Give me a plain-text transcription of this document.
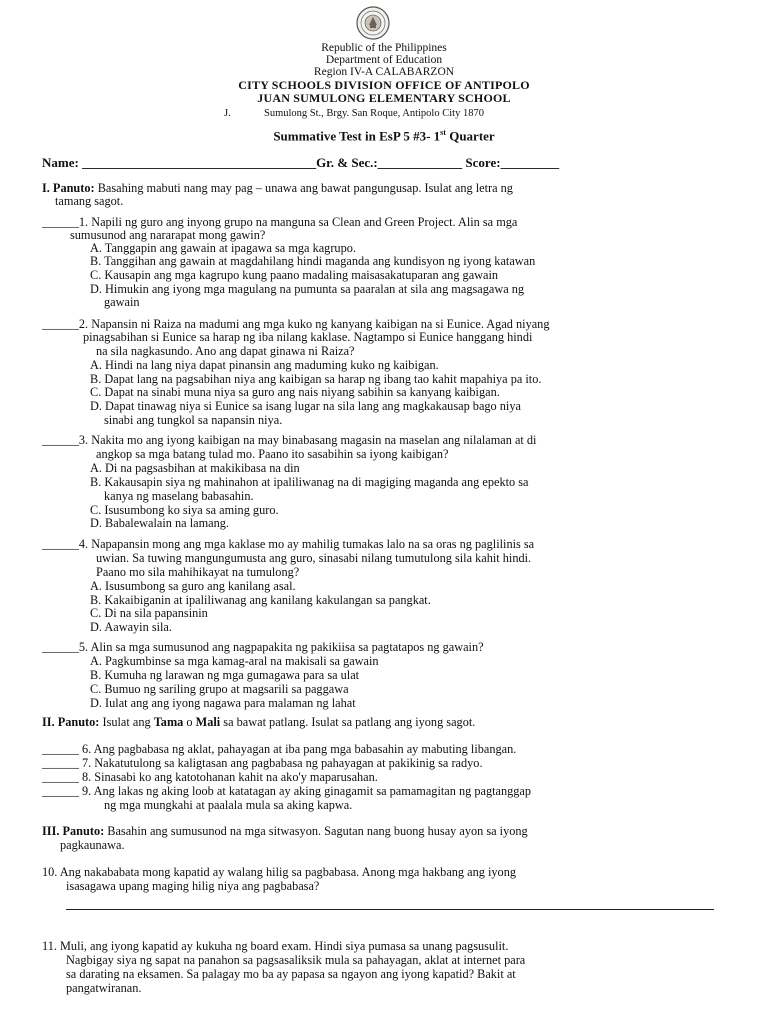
Republic of the Philippines
Department of Education
Region IV-A CALABARZON
CITY SCHOOLS DIVISION OFFICE OF ANTIPOLO
JUAN SUMULONG ELEMENTARY SCHOOL
J.	Sumulong St., Brgy. San Roque, Antipolo City 1870
Summative Test in EsP 5 #3- 1st Quarter
Name: ____________________________________Gr. & Sec.:_____________ Score:_________
I. Panuto: Basahing mabuti nang may pag – unawa ang bawat pangungusap. Isulat ang letra ng
tamang sagot.
______1. Napili ng guro ang inyong grupo na manguna sa Clean and Green Project. Alin sa mga
sumusunod ang nararapat mong gawin?
A. Tanggapin ang gawain at ipagawa sa mga kagrupo.
B. Tanggihan ang gawain at magdahilang hindi maganda ang kundisyon ng iyong katawan
C. Kausapin ang mga kagrupo kung paano madaling maisasakatuparan ang gawain
D. Himukin ang iyong mga magulang na pumunta sa paaralan at sila ang magsagawa ng
gawain
______2. Napansin ni Raiza na madumi ang mga kuko ng kanyang kaibigan na si Eunice. Agad niyang
pinagsabihan si Eunice sa harap ng iba nilang kaklase. Nagtampo si Eunice hanggang hindi
na sila nagkasundo. Ano ang dapat ginawa ni Raiza?
A. Hindi na lang niya dapat pinansin ang maduming kuko ng kaibigan.
B. Dapat lang na pagsabihan niya ang kaibigan sa harap ng ibang tao kahit mapahiya pa ito.
C. Dapat na sinabi muna niya sa guro ang nais niyang sabihin sa kanyang kaibigan.
D. Dapat tinawag niya si Eunice sa isang lugar na sila lang ang magkakausap bago niya
sinabi ang tungkol sa napansin niya.
______3. Nakita mo ang iyong kaibigan na may binabasang magasin na maselan ang nilalaman at di
angkop sa mga batang tulad mo. Paano ito sasabihin sa iyong kaibigan?
A. Di na pagsasbihan at makikibasa na din
B. Kakausapin siya ng mahinahon at ipaliliwanag na di magiging maganda ang epekto sa
kanya ng maselang babasahin.
C. Isusumbong ko siya sa aming guro.
D. Babalewalain na lamang.
______4. Napapansin mong ang mga kaklase mo ay mahilig tumakas lalo na sa oras ng paglilinis sa
uwian. Sa tuwing mangungumusta ang guro, sinasabi nilang tumutulong sila kahit hindi.
Paano mo sila mahihikayat na tumulong?
A. Isusumbong sa guro ang kanilang asal.
B. Kakaibiganin at ipaliliwanag ang kanilang kakulangan sa pangkat.
C. Di na sila papansinin
D. Aawayin sila.
______5. Alin sa mga sumusunod ang nagpapakita ng pakikiisa sa pagtatapos ng gawain?
A. Pagkumbinse sa mga kamag-aral na makisali sa gawain
B. Kumuha ng larawan ng mga gumagawa para sa ulat
C. Bumuo ng sariling grupo at magsarili sa paggawa
D. Iulat ang ang iyong nagawa para malaman ng lahat
II. Panuto: Isulat ang Tama o Mali sa bawat patlang. Isulat sa patlang ang iyong sagot.
______ 6. Ang pagbabasa ng aklat, pahayagan at iba pang mga babasahin ay mabuting libangan.
______ 7. Nakatutulong sa kaligtasan ang pagbabasa ng pahayagan at pakikinig sa radyo.
______ 8. Sinasabi ko ang katotohanan kahit na ako'y maparusahan.
______ 9. Ang lakas ng aking loob at katatagan ay aking ginagamit sa pamamagitan ng pagtanggap
ng mga mungkahi at paalala mula sa aking kapwa.
III. Panuto: Basahin ang sumusunod na mga sitwasyon. Sagutan nang buong husay ayon sa iyong
pagkaunawa.
10. Ang nakababata mong kapatid ay walang hilig sa pagbabasa. Anong mga hakbang ang iyong
isasagawa upang maging hilig niya ang pagbabasa?
11. Muli, ang iyong kapatid ay kukuha ng board exam. Hindi siya pumasa sa unang pagsusulit.
Nagbigay siya ng sapat na panahon sa pagsasaliksik mula sa pahayagan, aklat at internet para
sa darating na eksamen. Sa palagay mo ba ay papasa sa ngayon ang iyong kapatid? Bakit at
pangatwiranan.
